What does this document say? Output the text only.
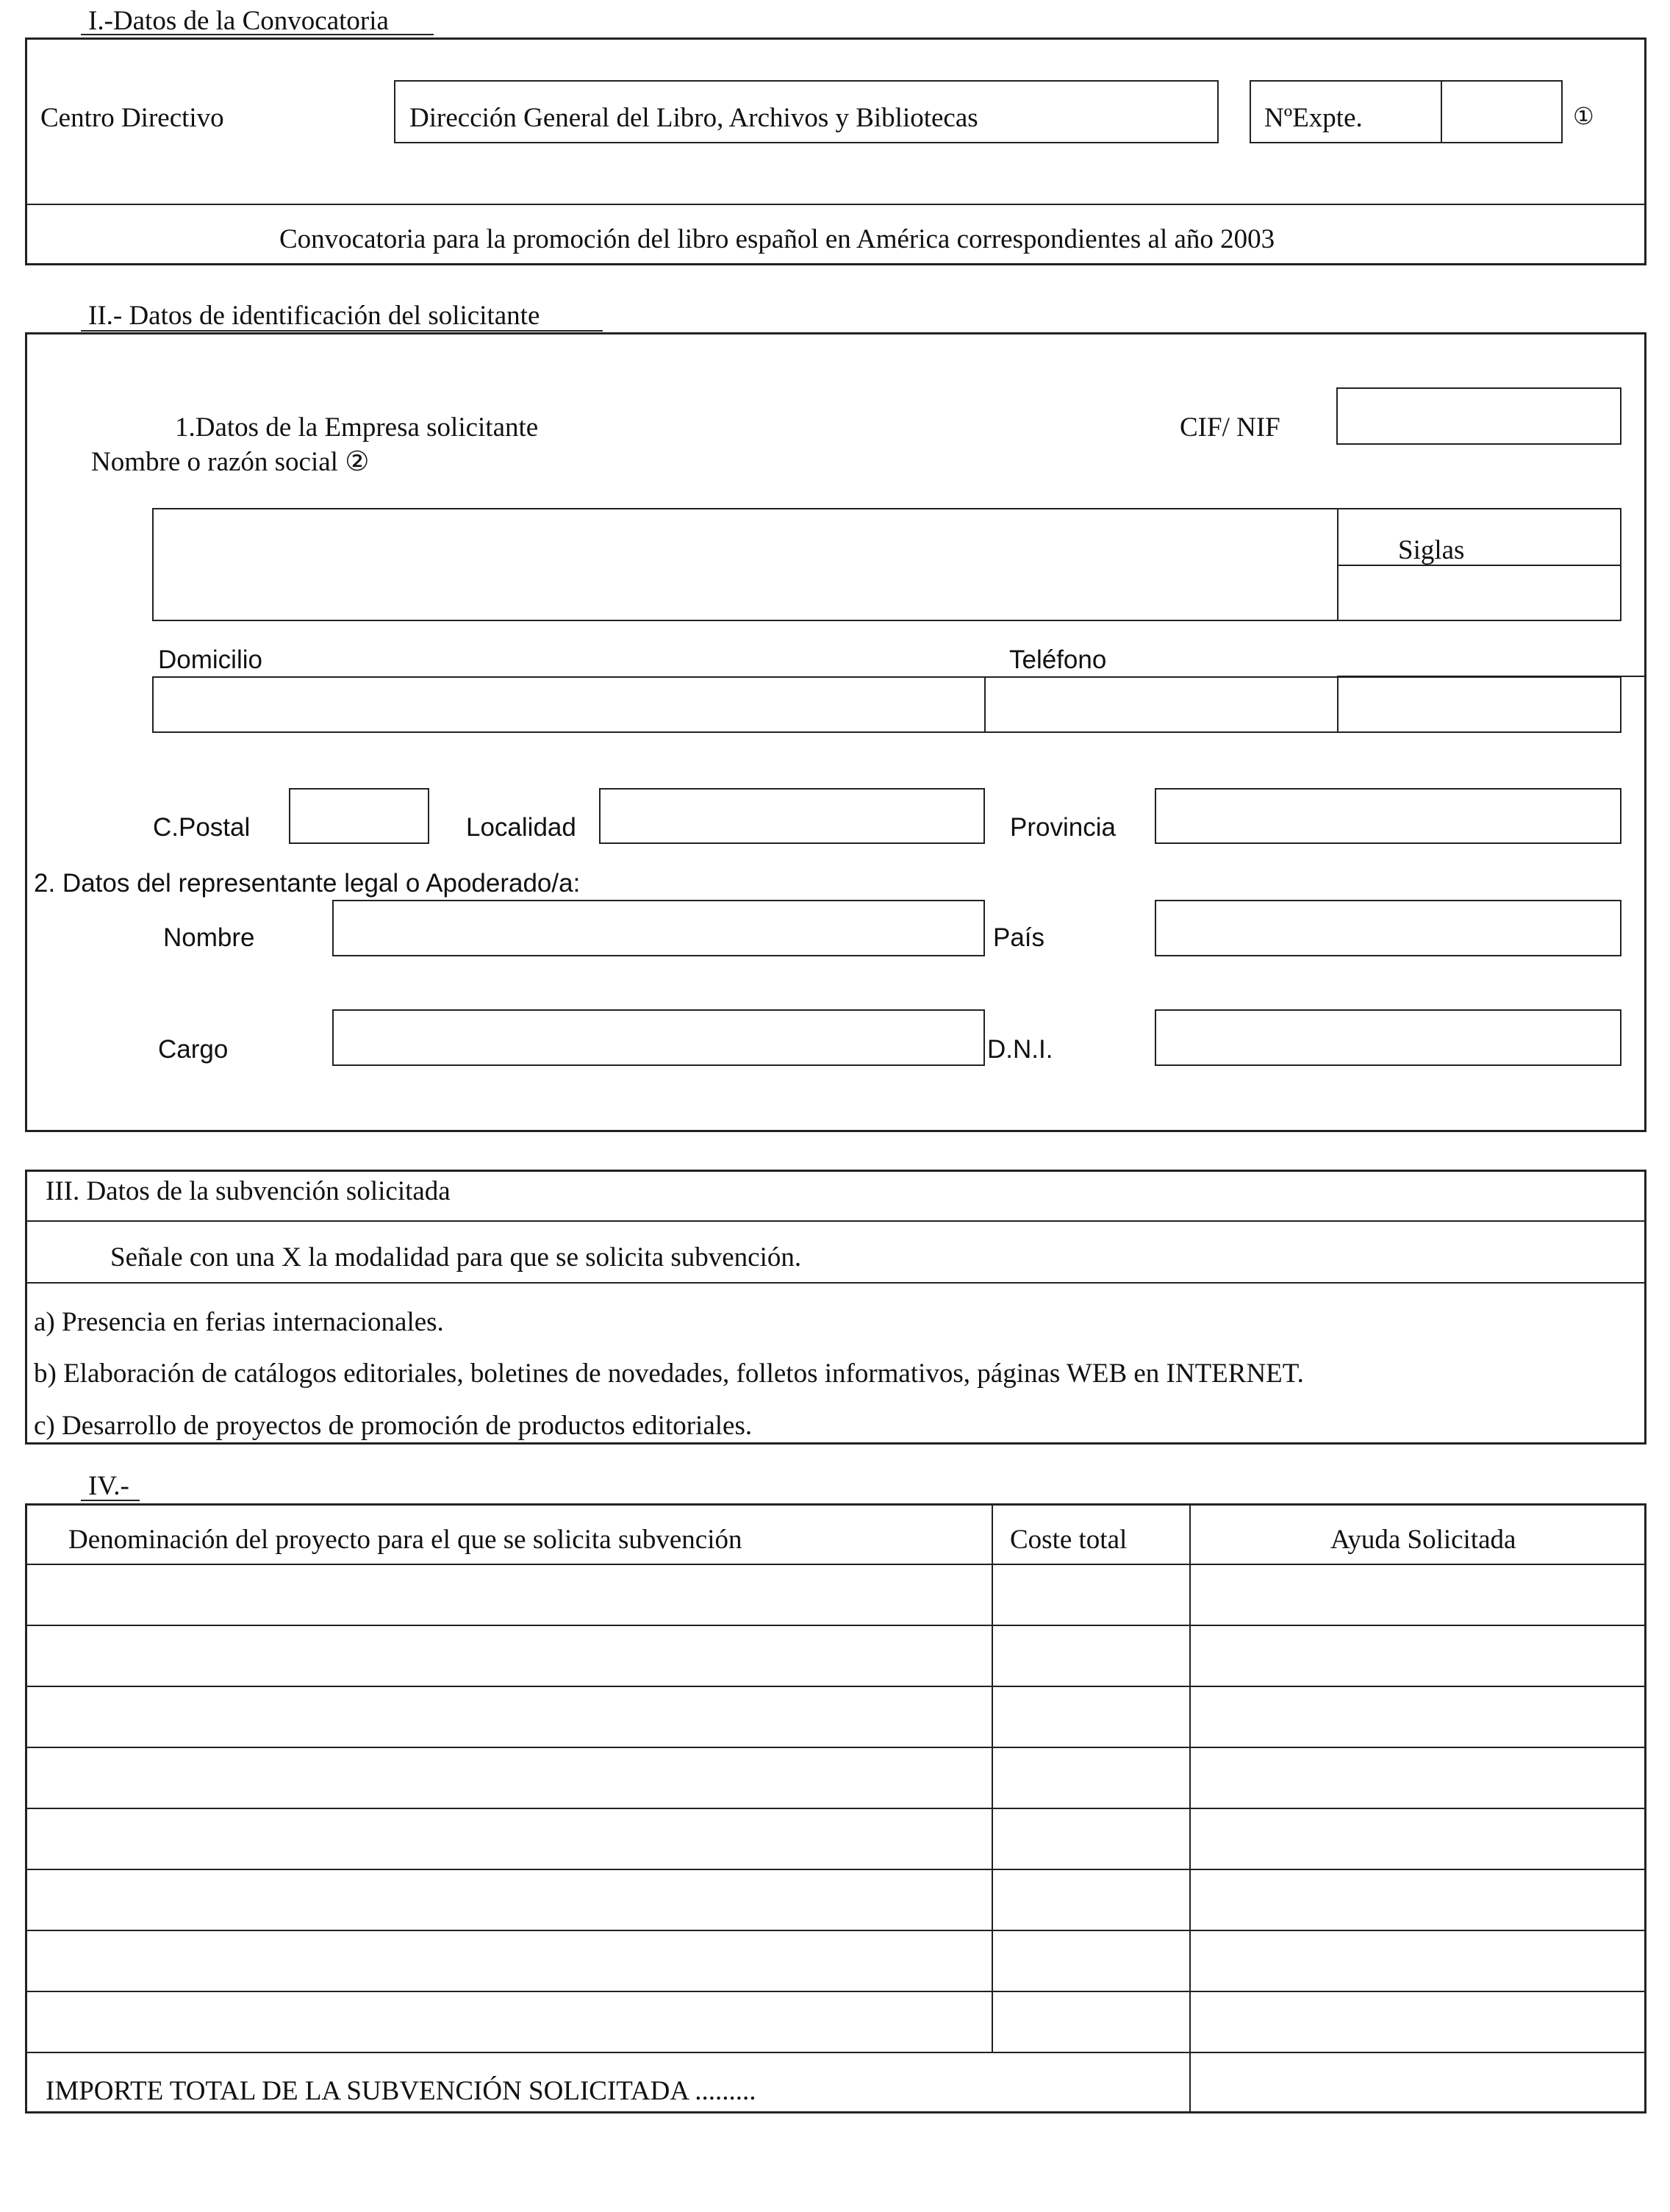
I.-Datos de la Convocatoria
Centro Directivo	Dirección General del Libro, Archivos y Bibliotecas	NºExpte.	①
Convocatoria para la promoción del libro español en América correspondientes al año 2003
II.- Datos de identificación del solicitante
1.Datos de la Empresa solicitante	CIF/ NIF
Nombre o razón social ②
Siglas
Domicilio	Teléfono
C.Postal	Localidad	Provincia
2. Datos del representante legal o Apoderado/a:
Nombre	País
Cargo	D.N.I.
III. Datos de la subvención solicitada
Señale con una X la modalidad para que se solicita subvención.
a) Presencia en ferias internacionales.
b) Elaboración de catálogos editoriales, boletines de novedades, folletos informativos, páginas WEB en INTERNET.
c) Desarrollo de proyectos de promoción de productos editoriales.
IV.-
Denominación del proyecto para el que se solicita subvención	Coste total	Ayuda Solicitada
IMPORTE TOTAL DE LA SUBVENCIÓN SOLICITADA .........
